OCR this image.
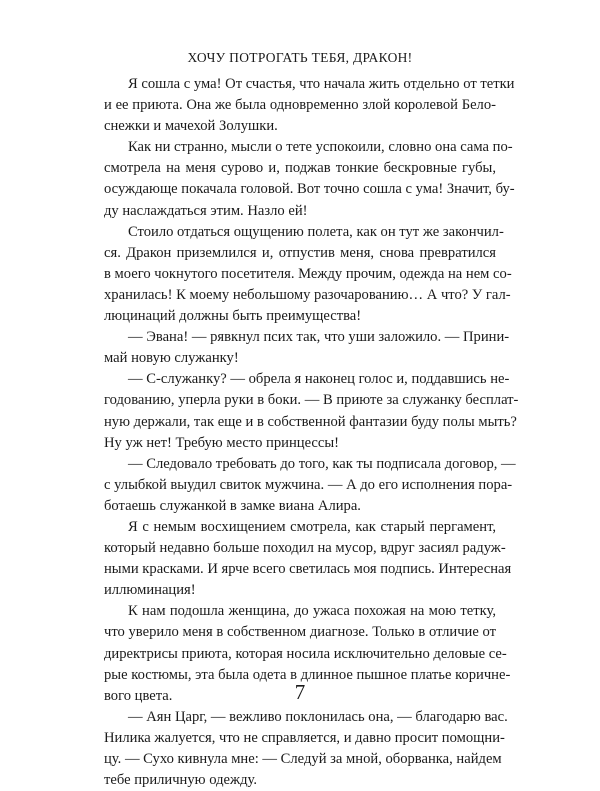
ХОЧУ ПОТРОГАТЬ ТЕБЯ, ДРАКОН!
Я сошла с ума! От счастья, что начала жить отдельно от тетки
и ее приюта. Она же была одновременно злой королевой Бело-
снежки и мачехой Золушки.
Как ни странно, мысли о тете успокоили, словно она сама по-
смотрела на меня сурово и, поджав тонкие бескровные губы,
осуждающе покачала головой. Вот точно сошла с ума! Значит, бу-
ду наслаждаться этим. Назло ей!
Стоило отдаться ощущению полета, как он тут же закончил-
ся. Дракон приземлился и, отпустив меня, снова превратился
в моего чокнутого посетителя. Между прочим, одежда на нем со-
хранилась! К моему небольшому разочарованию… А что? У гал-
люцинаций должны быть преимущества!
— Эвана! — рявкнул псих так, что уши заложило. — Прини-
май новую служанку!
— С-служанку? — обрела я наконец голос и, поддавшись не-
годованию, уперла руки в боки. — В приюте за служанку бесплат-
ную держали, так еще и в собственной фантазии буду полы мыть?
Ну уж нет! Требую место принцессы!
— Следовало требовать до того, как ты подписала договор, —
с улыбкой выудил свиток мужчина. — А до его исполнения пора-
ботаешь служанкой в замке виана Алира.
Я с немым восхищением смотрела, как старый пергамент,
который недавно больше походил на мусор, вдруг засиял радуж-
ными красками. И ярче всего светилась моя подпись. Интересная
иллюминация!
К нам подошла женщина, до ужаса похожая на мою тетку,
что уверило меня в собственном диагнозе. Только в отличие от
директрисы приюта, которая носила исключительно деловые се-
рые костюмы, эта была одета в длинное пышное платье коричне-
вого цвета.
— Аян Царг, — вежливо поклонилась она, — благодарю вас.
Нилика жалуется, что не справляется, и давно просит помощни-
цу. — Сухо кивнула мне: — Следуй за мной, оборванка, найдем
тебе приличную одежду.
7
